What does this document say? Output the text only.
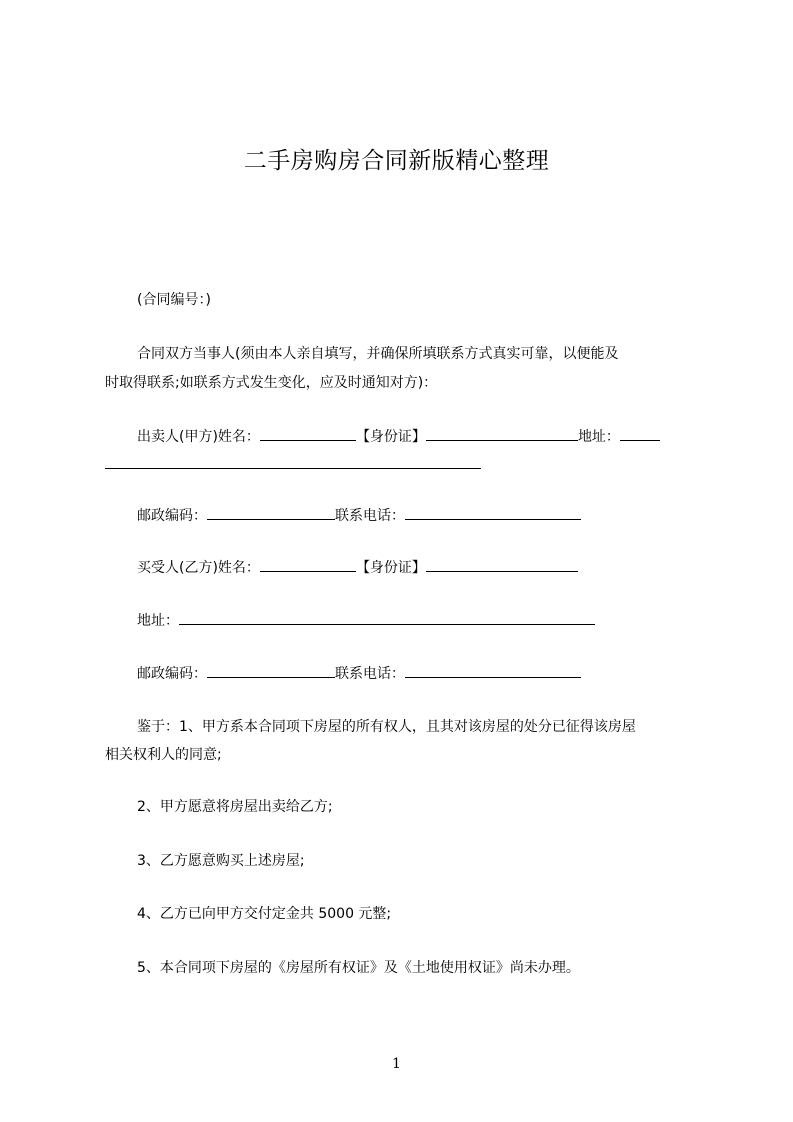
二手房购房合同新版精心整理
(合同编号：)
合同双方当事人(须由本人亲自填写，并确保所填联系方式真实可靠，以便能及
时取得联系;如联系方式发生变化，应及时通知对方)：
出卖人(甲方)姓名：	【身份证】	地址：
邮政编码：	联系电话：
买受人(乙方)姓名：	【身份证】
地址：
邮政编码：	联系电话：
鉴于：1、甲方系本合同项下房屋的所有权人，且其对该房屋的处分已征得该房屋
相关权利人的同意;
2、甲方愿意将房屋出卖给乙方;
3、乙方愿意购买上述房屋;
4、乙方已向甲方交付定金共 5000 元整;
5、本合同项下房屋的《房屋所有权证》及《土地使用权证》尚未办理。
1
